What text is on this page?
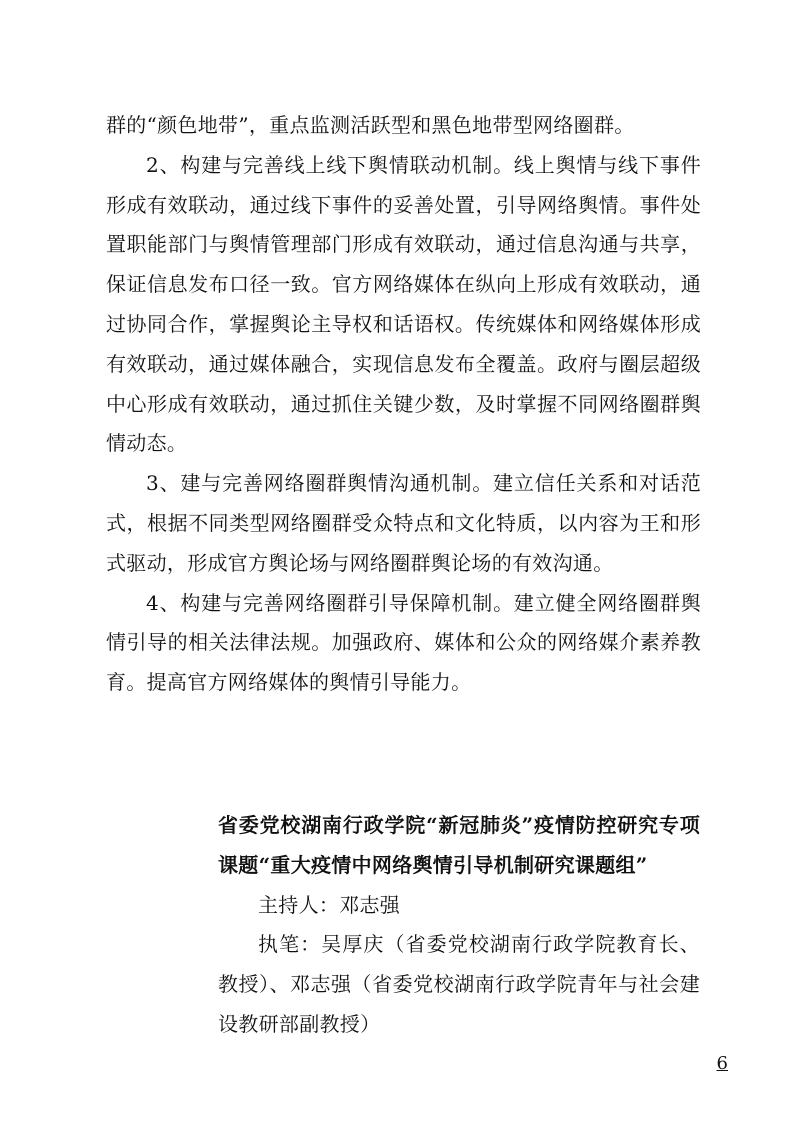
群的“颜色地带”，重点监测活跃型和黑色地带型网络圈群。

2、构建与完善线上线下舆情联动机制。线上舆情与线下事件形成有效联动，通过线下事件的妥善处置，引导网络舆情。事件处置职能部门与舆情管理部门形成有效联动，通过信息沟通与共享，保证信息发布口径一致。官方网络媒体在纵向上形成有效联动，通过协同合作，掌握舆论主导权和话语权。传统媒体和网络媒体形成有效联动，通过媒体融合，实现信息发布全覆盖。政府与圈层超级中心形成有效联动，通过抓住关键少数，及时掌握不同网络圈群舆情动态。

3、建与完善网络圈群舆情沟通机制。建立信任关系和对话范式，根据不同类型网络圈群受众特点和文化特质，以内容为王和形式驱动，形成官方舆论场与网络圈群舆论场的有效沟通。

4、构建与完善网络圈群引导保障机制。建立健全网络圈群舆情引导的相关法律法规。加强政府、媒体和公众的网络媒介素养教育。提高官方网络媒体的舆情引导能力。

省委党校湖南行政学院“新冠肺炎”疫情防控研究专项课题“重大疫情中网络舆情引导机制研究课题组”

主持人：邓志强

执笔：吴厚庆（省委党校湖南行政学院教育长、教授）、邓志强（省委党校湖南行政学院青年与社会建设教研部副教授）

6
